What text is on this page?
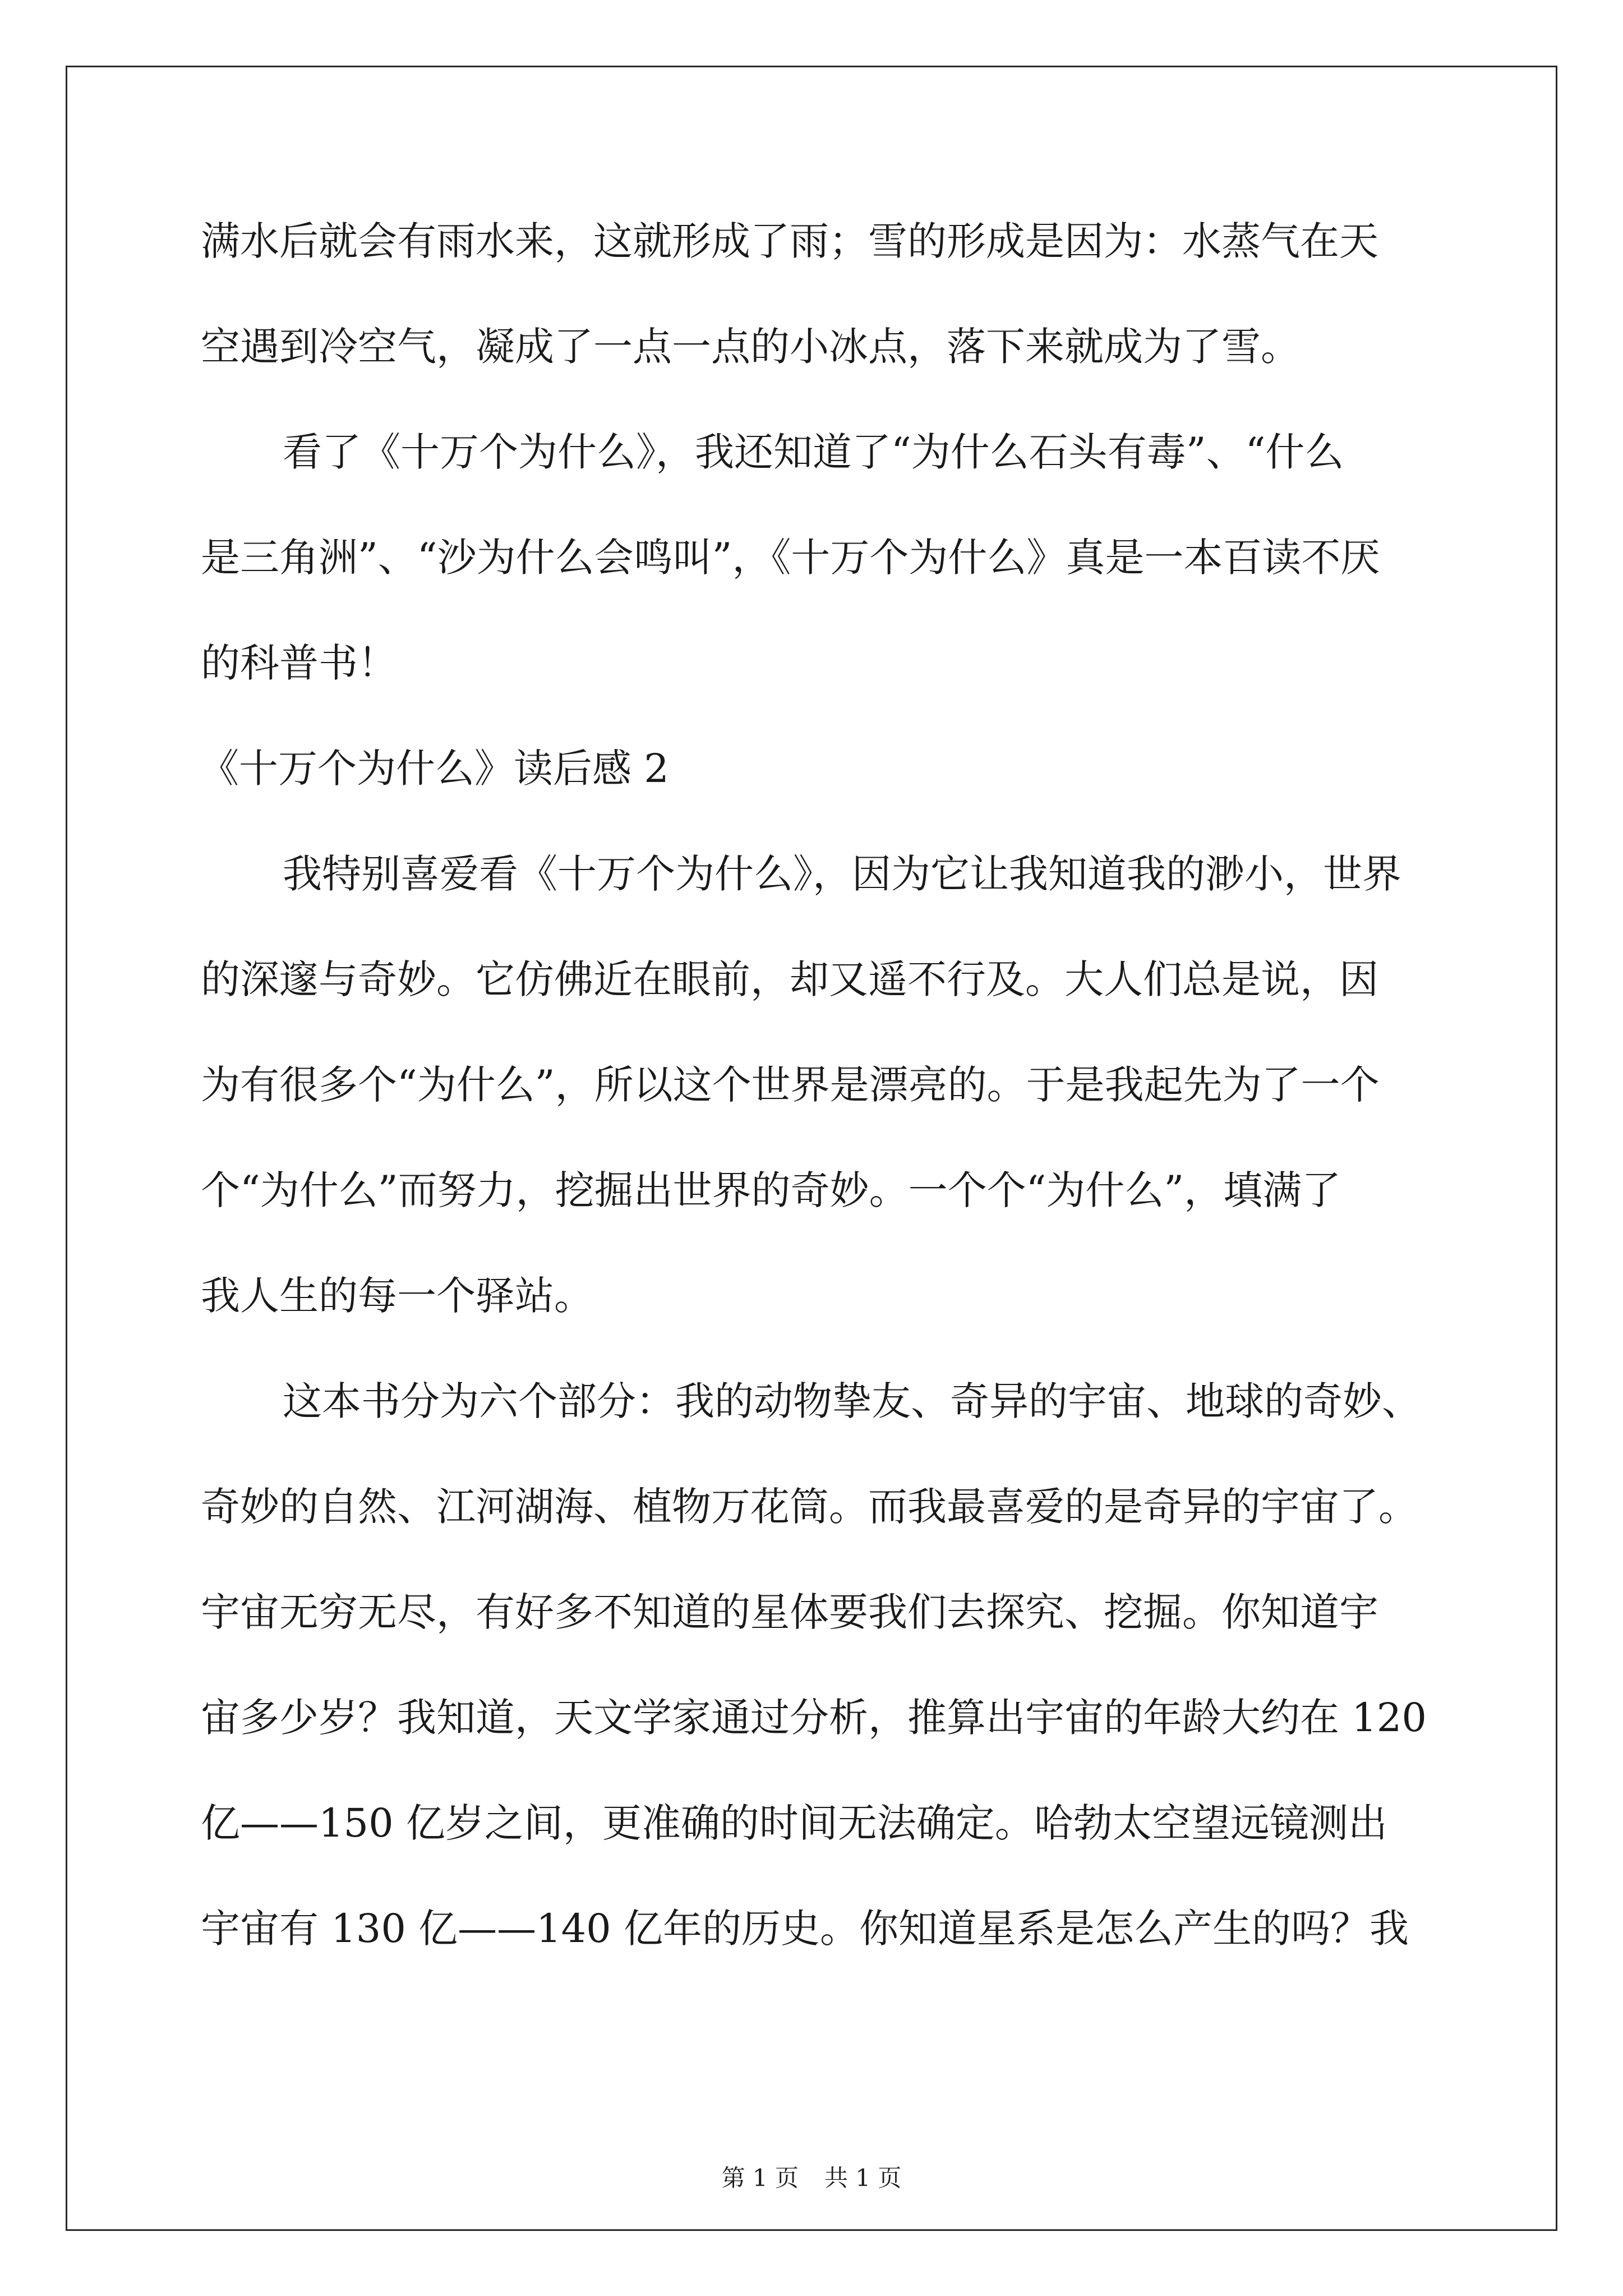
满水后就会有雨水来，这就形成了雨；雪的形成是因为：水蒸气在天
空遇到冷空气，凝成了一点一点的小冰点，落下来就成为了雪。
看了《十万个为什么》，我还知道了“为什么石头有毒”、“什么
是三角洲”、“沙为什么会鸣叫”，《十万个为什么》真是一本百读不厌
的科普书！
《十万个为什么》读后感 2
我特别喜爱看《十万个为什么》，因为它让我知道我的渺小，世界
的深邃与奇妙。它仿佛近在眼前，却又遥不行及。大人们总是说，因
为有很多个“为什么”，所以这个世界是漂亮的。于是我起先为了一个
个“为什么”而努力，挖掘出世界的奇妙。一个个“为什么”，填满了
我人生的每一个驿站。
这本书分为六个部分：我的动物挚友、奇异的宇宙、地球的奇妙、
奇妙的自然、江河湖海、植物万花筒。而我最喜爱的是奇异的宇宙了。
宇宙无穷无尽，有好多不知道的星体要我们去探究、挖掘。你知道宇
宙多少岁？我知道，天文学家通过分析，推算出宇宙的年龄大约在 120
亿——150 亿岁之间，更准确的时间无法确定。哈勃太空望远镜测出
宇宙有 130 亿——140 亿年的历史。你知道星系是怎么产生的吗？我
第 1 页 共 1 页
